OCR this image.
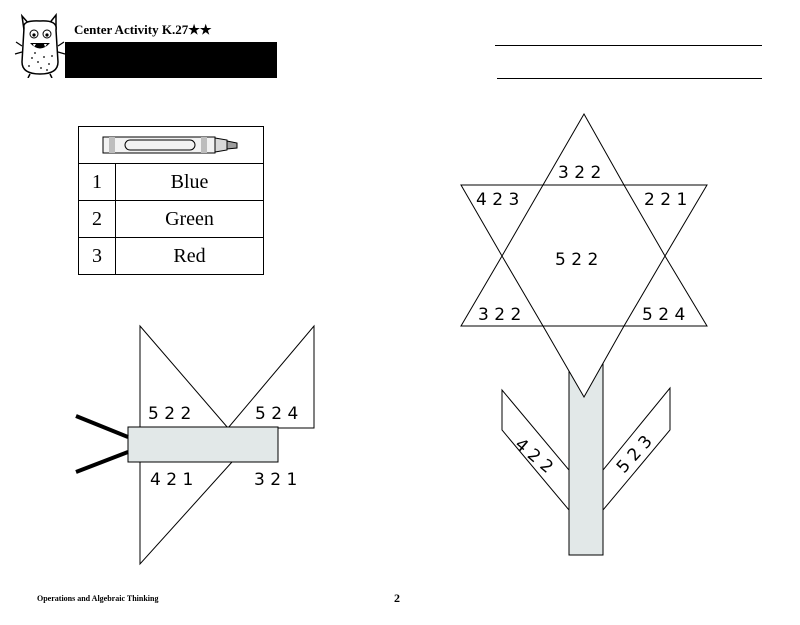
Center Activity K.27★★

1	Blue
2	Green
3	Red
5 2 2	5 2 4
4 2 1	3 2 1
3 2 2
4 2 3	2 2 1
5 2 2
3 2 2	5 2 4
4 2 2	5 2 3
Operations and Algebraic Thinking	2
